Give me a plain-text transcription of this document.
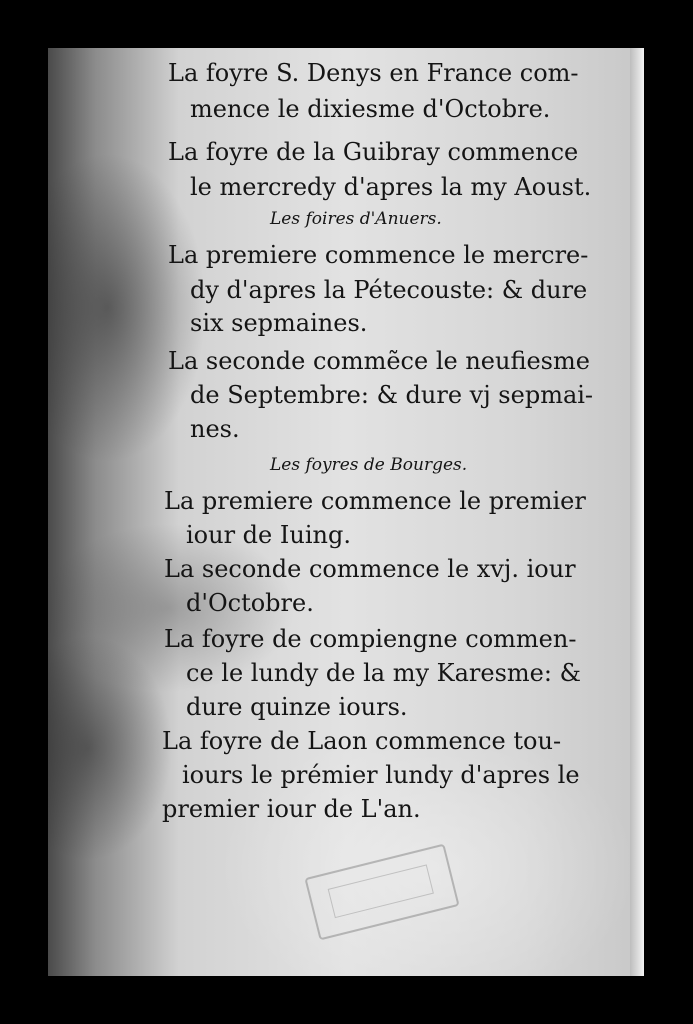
La foyre S. Denys en France com-
mence le dixiesme d'Octobre.
La foyre de la Guibray commence
le mercredy d'apres la my Aoust.
Les foires d'Anuers.
La premiere commence le mercre-
dy d'apres la Pétecouste: & dure
six sepmaines.
La seconde commẽce le neufiesme
de Septembre: & dure vj sepmai-
nes.
Les foyres de Bourges.
La premiere commence le premier
iour de Iuing.
La seconde commence le xvj. iour
d'Octobre.
La foyre de compiengne commen-
ce le lundy de la my Karesme: &
dure quinze iours.
La foyre de Laon commence tou-
iours le prémier lundy d'apres le
premier iour de L'an.
